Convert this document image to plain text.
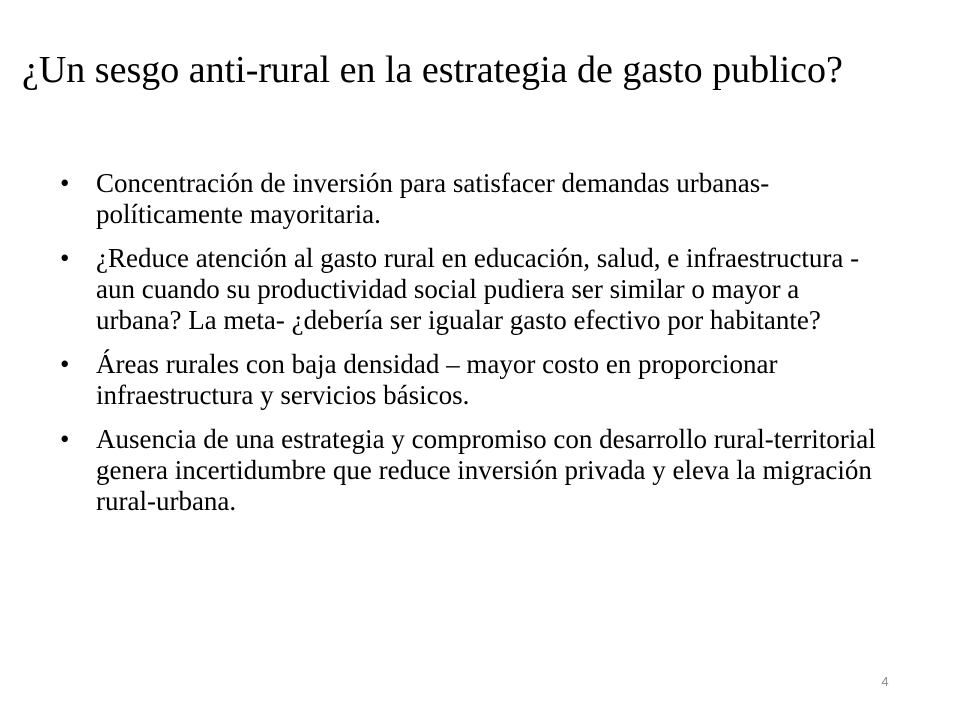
¿Un sesgo anti-rural en la estrategia de gasto publico?
• Concentración de inversión para satisfacer demandas urbanas-políticamente mayoritaria.
• ¿Reduce atención al gasto rural en educación, salud, e infraestructura - aun cuando su productividad social pudiera ser similar o mayor a urbana? La meta- ¿debería ser igualar gasto efectivo por habitante?
• Áreas rurales con baja densidad – mayor costo en proporcionar infraestructura y servicios básicos.
• Ausencia de una estrategia y compromiso con desarrollo rural-territorial genera incertidumbre que reduce inversión privada y eleva la migración rural-urbana.
4
